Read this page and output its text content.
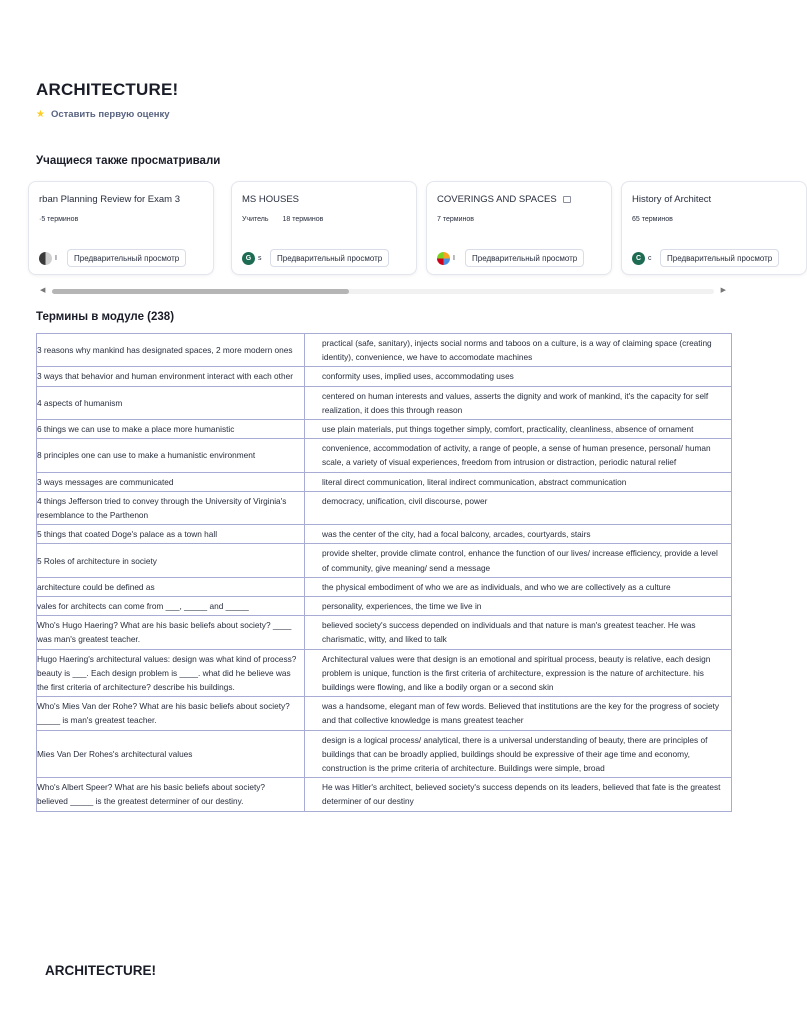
ARCHITECTURE!
★ Оставить первую оценку
Учащиеся также просматривали
rban Planning Review for Exam 3
·5 терминов
I	Предварительный просмотр
MS HOUSES
Учитель 18 терминов
G s	Предварительный просмотр
COVERINGS AND SPACES
7 терминов
I	Предварительный просмотр
History of Architect
65 терминов
C c	Предварительный просмотр
◀	▶
Термины в модуле (238)
3 reasons why mankind has designated spaces, 2 more modern ones	practical (safe, sanitary), injects social norms and taboos on a culture, is a way of claiming space (creating identity), convenience, we have to accomodate machines
3 ways that behavior and human environment interact with each other	conformity uses, implied uses, accommodating uses
4 aspects of humanism	centered on human interests and values, asserts the dignity and work of mankind, it's the capacity for self realization, it does this through reason
6 things we can use to make a place more humanistic	use plain materials, put things together simply, comfort, practicality, cleanliness, absence of ornament
8 principles one can use to make a humanistic environment	convenience, accommodation of activity, a range of people, a sense of human presence, personal/ human scale, a variety of visual experiences, freedom from intrusion or distraction, periodic natural relief
3 ways messages are communicated	literal direct communication, literal indirect communication, abstract communication
4 things Jefferson tried to convey through the University of Virginia's resemblance to the Parthenon	democracy, unification, civil discourse, power
5 things that coated Doge's palace as a town hall	was the center of the city, had a focal balcony, arcades, courtyards, stairs
5 Roles of architecture in society	provide shelter, provide climate control, enhance the function of our lives/ increase efficiency, provide a level of community, give meaning/ send a message
architecture could be defined as	the physical embodiment of who we are as individuals, and who we are collectively as a culture
vales for architects can come from ___, _____ and _____	personality, experiences, the time we live in
Who's Hugo Haering? What are his basic beliefs about society? ____ was man's greatest teacher.	believed society's success depended on individuals and that nature is man's greatest teacher. He was charismatic, witty, and liked to talk
Hugo Haering's architectural values: design was what kind of process? beauty is ___. Each design problem is ____. what did he believe was the first criteria of architecture? describe his buildings.	Architectural values were that design is an emotional and spiritual process, beauty is relative, each design problem is unique, function is the first criteria of architecture, expression is the nature of architecture. his buildings were flowing, and like a bodily organ or a second skin
Who's Mies Van der Rohe? What are his basic beliefs about society? _____ is man's greatest teacher.	was a handsome, elegant man of few words. Believed that institutions are the key for the progress of society and that collective knowledge is mans greatest teacher
Mies Van Der Rohes's architectural values	design is a logical process/ analytical, there is a universal understanding of beauty, there are principles of buildings that can be broadly applied, buildings should be expressive of their age time and economy, construction is the prime criteria of architecture. Buildings were simple, broad
Who's Albert Speer? What are his basic beliefs about society? believed _____ is the greatest determiner of our destiny.	He was Hitler's architect, believed society's success depends on its leaders, believed that fate is the greatest determiner of our destiny
ARCHITECTURE!
